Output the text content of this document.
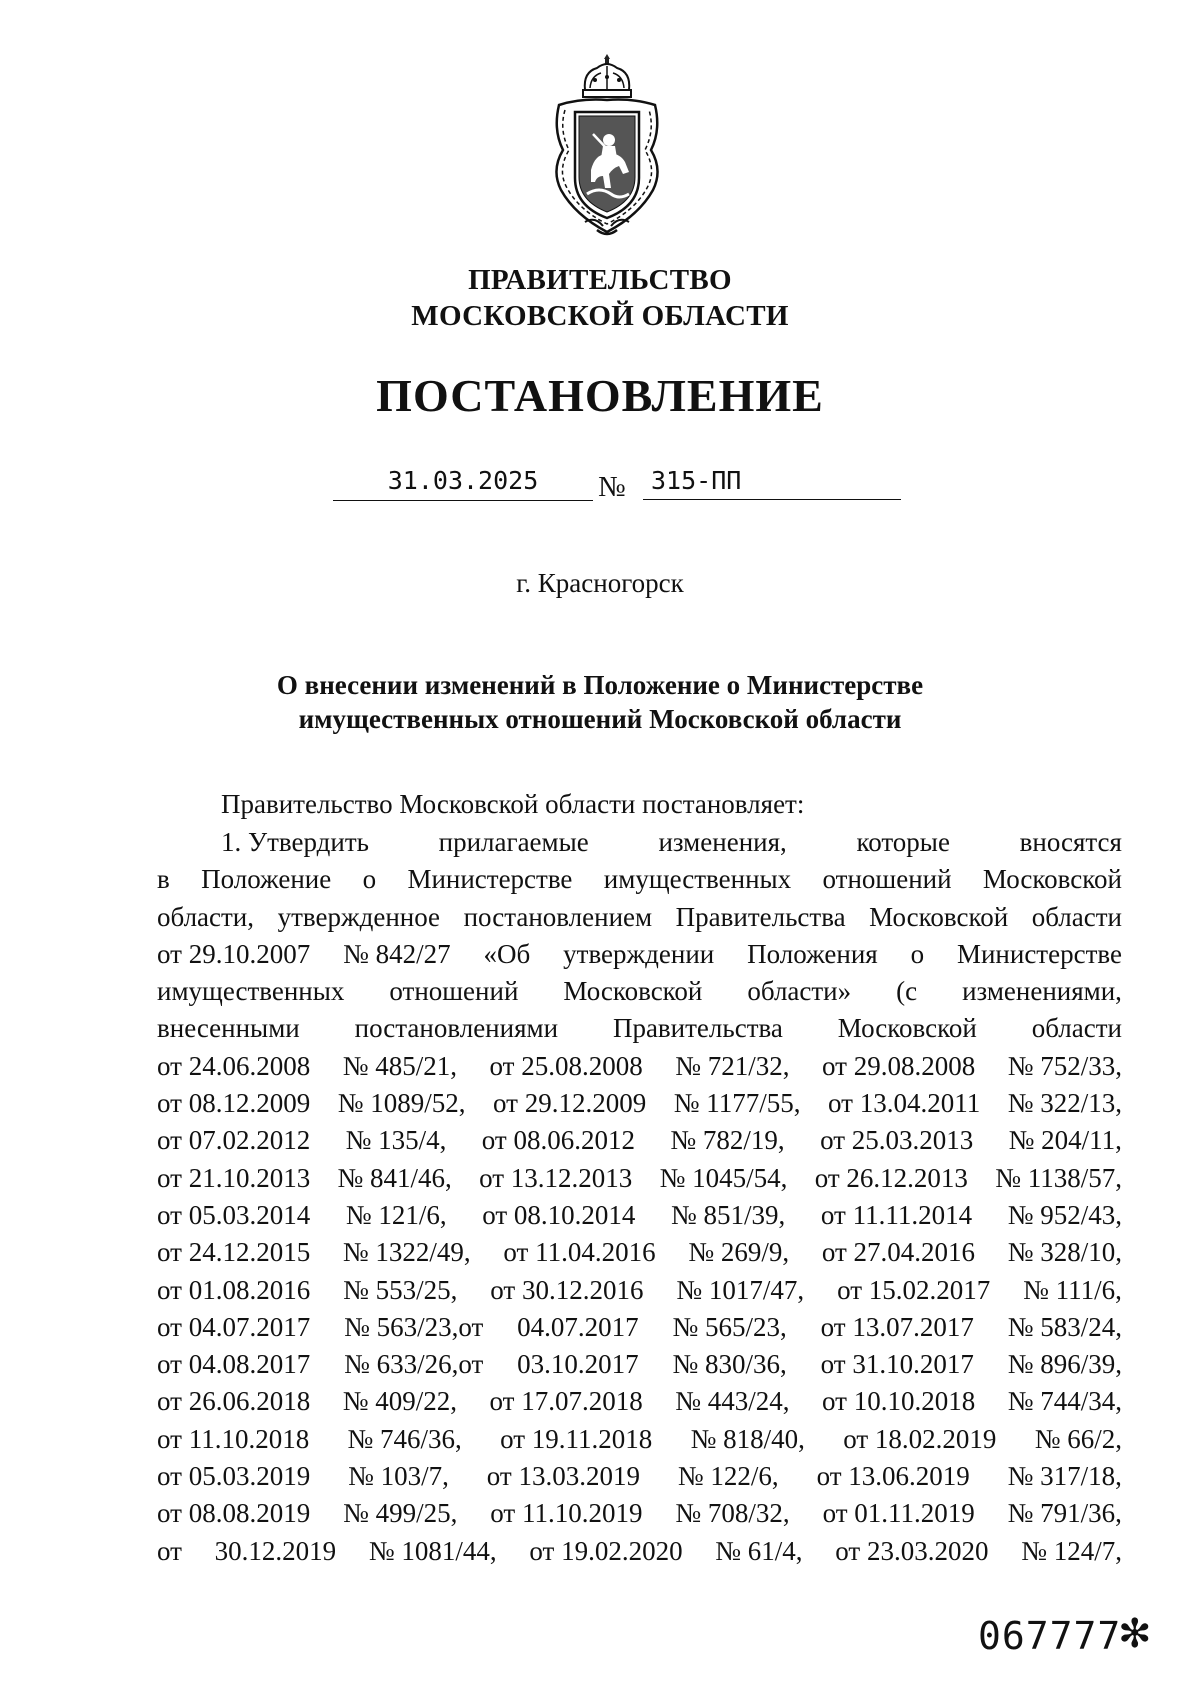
ПРАВИТЕЛЬСТВО
МОСКОВСКОЙ ОБЛАСТИ
ПОСТАНОВЛЕНИЕ
31.03.2025	№	315-ПП
г. Красногорск
О внесении изменений в Положение о Министерстве
имущественных отношений Московской области
Правительство Московской области постановляет:
1. Утвердить	прилагаемые	изменения,	которые	вносятся
в Положение о Министерстве имущественных отношений Московской
области, утвержденное постановлением Правительства Московской области
от 29.10.2007 № 842/27 «Об утверждении Положения о Министерстве
имущественных отношений Московской области» (с изменениями,
внесенными постановлениями Правительства Московской области
от 24.06.2008 № 485/21, от 25.08.2008 № 721/32, от 29.08.2008 № 752/33,
от 08.12.2009 № 1089/52, от 29.12.2009 № 1177/55, от 13.04.2011 № 322/13,
от 07.02.2012 № 135/4, от 08.06.2012 № 782/19, от 25.03.2013 № 204/11,
от 21.10.2013 № 841/46, от 13.12.2013 № 1045/54, от 26.12.2013 № 1138/57,
от 05.03.2014 № 121/6, от 08.10.2014 № 851/39, от 11.11.2014 № 952/43,
от 24.12.2015 № 1322/49, от 11.04.2016 № 269/9, от 27.04.2016 № 328/10,
от 01.08.2016 № 553/25, от 30.12.2016 № 1017/47, от 15.02.2017 № 111/6,
от 04.07.2017 № 563/23,от 04.07.2017 № 565/23, от 13.07.2017 № 583/24,
от 04.08.2017 № 633/26,от 03.10.2017 № 830/36, от 31.10.2017 № 896/39,
от 26.06.2018 № 409/22, от 17.07.2018 № 443/24, от 10.10.2018 № 744/34,
от 11.10.2018 № 746/36, от 19.11.2018 № 818/40, от 18.02.2019 № 66/2,
от 05.03.2019 № 103/7, от 13.03.2019 № 122/6, от 13.06.2019 № 317/18,
от 08.08.2019 № 499/25, от 11.10.2019 № 708/32, от 01.11.2019 № 791/36,
от 30.12.2019 № 1081/44, от 19.02.2020 № 61/4, от 23.03.2020 № 124/7,
067777
✻
